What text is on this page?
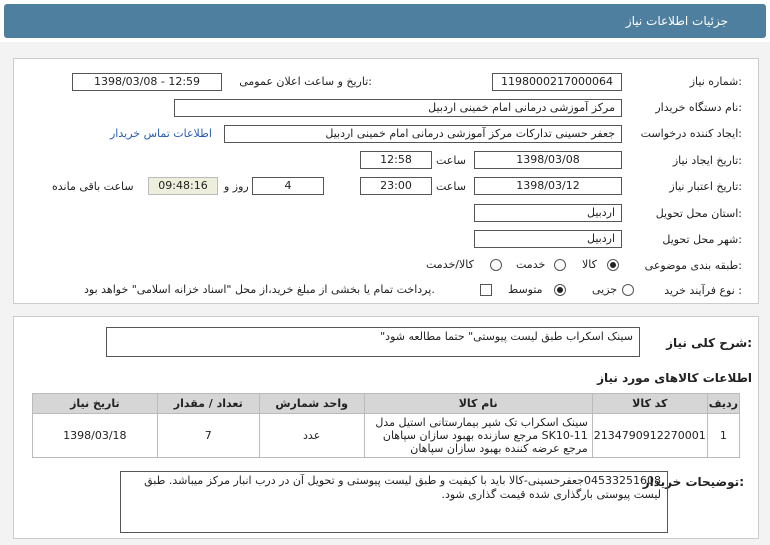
جزئیات اطلاعات نیاز
شماره نیاز:
1198000217000064
تاریخ و ساعت اعلان عمومی:
1398/03/08 - 12:59
نام دستگاه خریدار:
مرکز آموزشی درمانی امام خمینی اردبیل
ایجاد کننده درخواست:
جعفر حسینی تدارکات مرکز آموزشی درمانی امام خمینی اردبیل
اطلاعات تماس خریدار
تاریخ ایجاد نیاز:
1398/03/08
ساعت
12:58
تاریخ اعتبار نیاز:
1398/03/12
ساعت
23:00
4
روز و
09:48:16
ساعت باقی مانده
استان محل تحویل:
اردبیل
شهر محل تحویل:
اردبیل
طبقه بندی موضوعی:
کالا
خدمت
کالا/خدمت
نوع فرآیند خرید :
جزیی
متوسط
پرداخت تمام یا بخشی از مبلغ خرید،از محل "اسناد خزانه اسلامی" خواهد بود.
شرح کلی نیاز:
سینک اسکراب طبق لیست پیوستی" حتما مطالعه شود"
اطلاعات کالاهای مورد نیاز
ردیف	کد کالا	نام کالا	واحد شمارش	تعداد / مقدار	تاریخ نیاز
1	2134790912270001	سینک اسکراب تک شیر بیمارستانی استیل مدل SK10-11 مرجع سازنده بهبود سازان سپاهان مرجع عرضه کننده بهبود سازان سپاهان	عدد	7	1398/03/18
توضیحات خریدار:
04533251608جعفرحسینی-کالا باید با کیفیت و طبق لیست پیوستی و تحویل آن در درب انبار مرکز میباشد. طبق لیست پیوستی بارگذاری شده قیمت گذاری شود.
